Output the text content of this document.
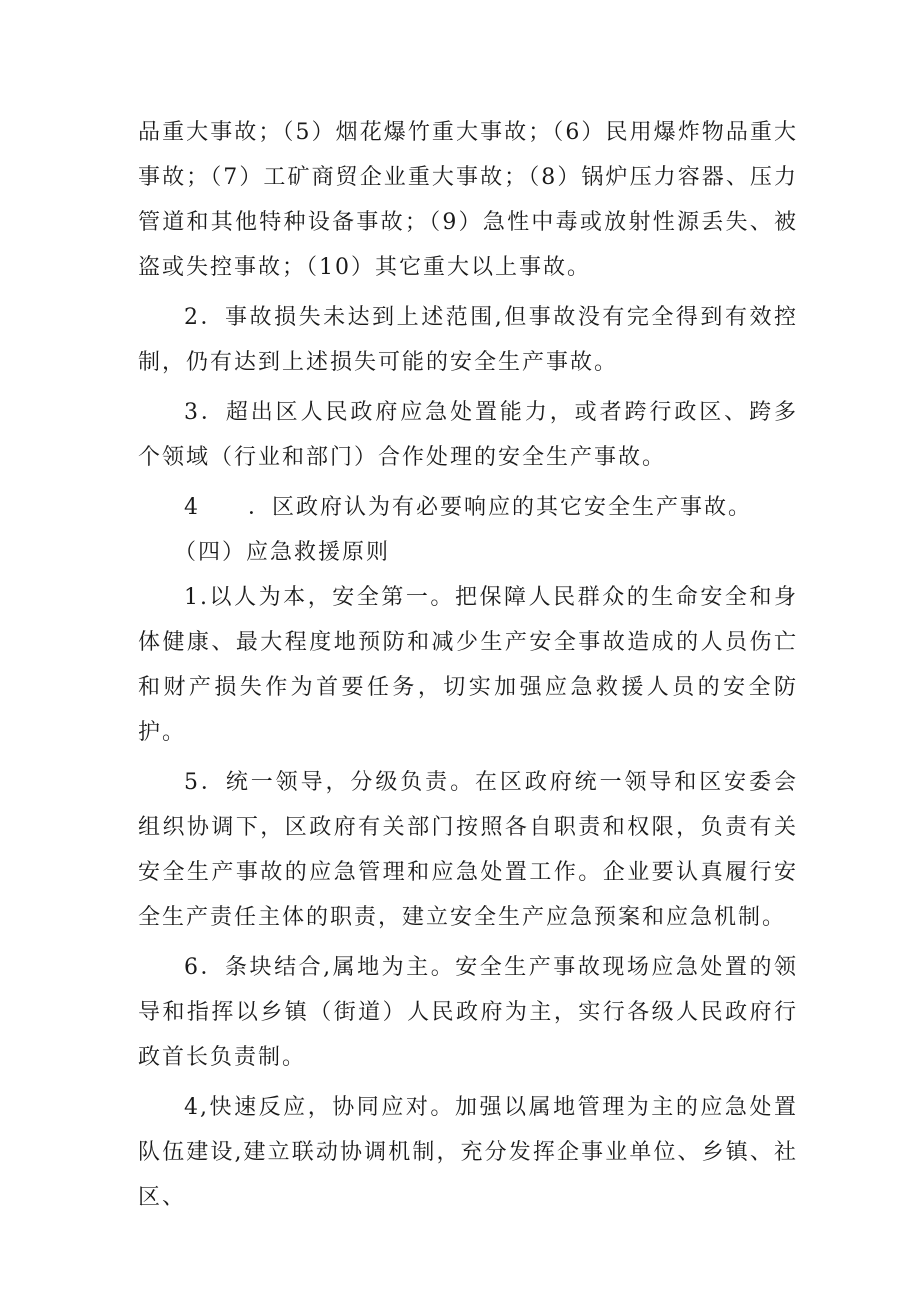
品重大事故；（5）烟花爆竹重大事故；（6）民用爆炸物品重大事故；（7）工矿商贸企业重大事故；（8）锅炉压力容器、压力管道和其他特种设备事故；（9）急性中毒或放射性源丢失、被盗或失控事故；（10）其它重大以上事故。

2．事故损失未达到上述范围,但事故没有完全得到有效控制，仍有达到上述损失可能的安全生产事故。

3．超出区人民政府应急处置能力，或者跨行政区、跨多个领域（行业和部门）合作处理的安全生产事故。

4　　．区政府认为有必要响应的其它安全生产事故。

（四）应急救援原则

1.以人为本，安全第一。把保障人民群众的生命安全和身体健康、最大程度地预防和减少生产安全事故造成的人员伤亡和财产损失作为首要任务，切实加强应急救援人员的安全防护。

5．统一领导，分级负责。在区政府统一领导和区安委会组织协调下，区政府有关部门按照各自职责和权限，负责有关安全生产事故的应急管理和应急处置工作。企业要认真履行安全生产责任主体的职责，建立安全生产应急预案和应急机制。

6．条块结合,属地为主。安全生产事故现场应急处置的领导和指挥以乡镇（街道）人民政府为主，实行各级人民政府行政首长负责制。

4,快速反应，协同应对。加强以属地管理为主的应急处置队伍建设,建立联动协调机制，充分发挥企事业单位、乡镇、社区、
